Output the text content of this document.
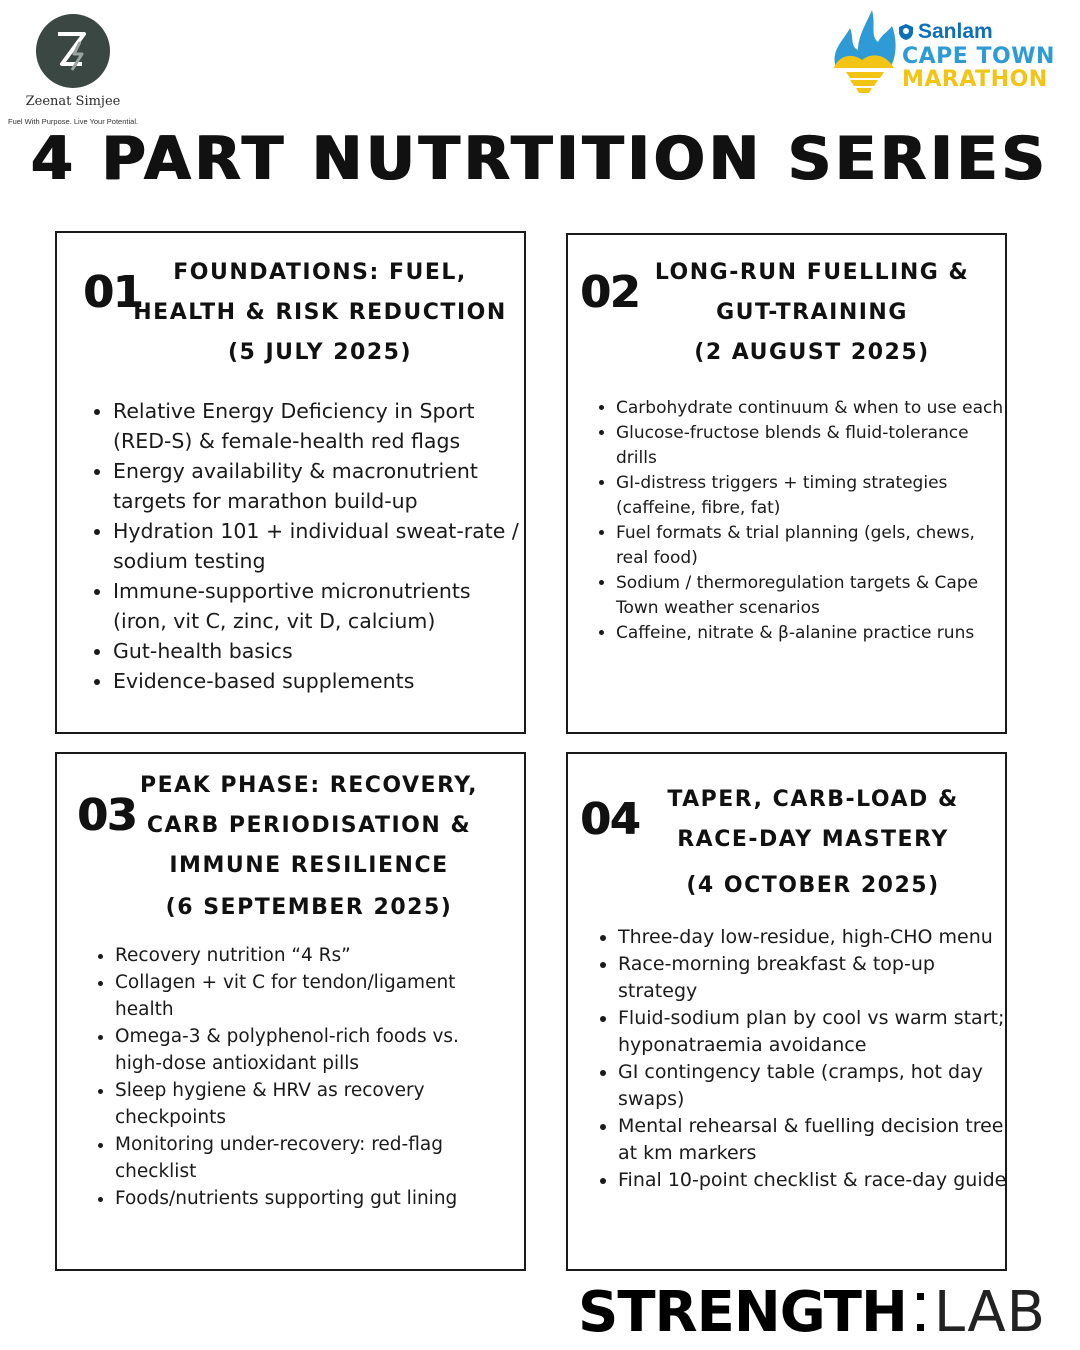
Zeenat Simjee
Fuel With Purpose. Live Your Potential.
Sanlam
CAPE TOWN
MARATHON
4 PART NUTRTITION SERIES
01	FOUNDATIONS: FUEL,
HEALTH & RISK REDUCTION
(5 JULY 2025)
• Relative Energy Deficiency in Sport (RED-S) & female-health red flags
• Energy availability & macronutrient targets for marathon build-up
• Hydration 101 + individual sweat-rate / sodium testing
• Immune-supportive micronutrients (iron, vit C, zinc, vit D, calcium)
• Gut-health basics
• Evidence-based supplements
02 LONG-RUN FUELLING &
GUT-TRAINING
(2 AUGUST 2025)
• Carbohydrate continuum & when to use each
• Glucose-fructose blends & fluid-tolerance drills
• GI-distress triggers + timing strategies (caffeine, fibre, fat)
• Fuel formats & trial planning (gels, chews, real food)
• Sodium / thermoregulation targets & Cape Town weather scenarios
• Caffeine, nitrate & β-alanine practice runs
03
PEAK PHASE: RECOVERY,
CARB PERIODISATION &
IMMUNE RESILIENCE
(6 SEPTEMBER 2025)
• Recovery nutrition “4 Rs”
• Collagen + vit C for tendon/ligament health
• Omega-3 & polyphenol-rich foods vs. high-dose antioxidant pills
• Sleep hygiene & HRV as recovery checkpoints
• Monitoring under-recovery: red-flag checklist
• Foods/nutrients supporting gut lining
04	TAPER, CARB-LOAD &
RACE-DAY MASTERY
(4 OCTOBER 2025)
• Three-day low-residue, high-CHO menu
• Race-morning breakfast & top-up strategy
• Fluid-sodium plan by cool vs warm start; hyponatraemia avoidance
• GI contingency table (cramps, hot day swaps)
• Mental rehearsal & fuelling decision tree at km markers
• Final 10-point checklist & race-day guide
STRENGTH LAB
